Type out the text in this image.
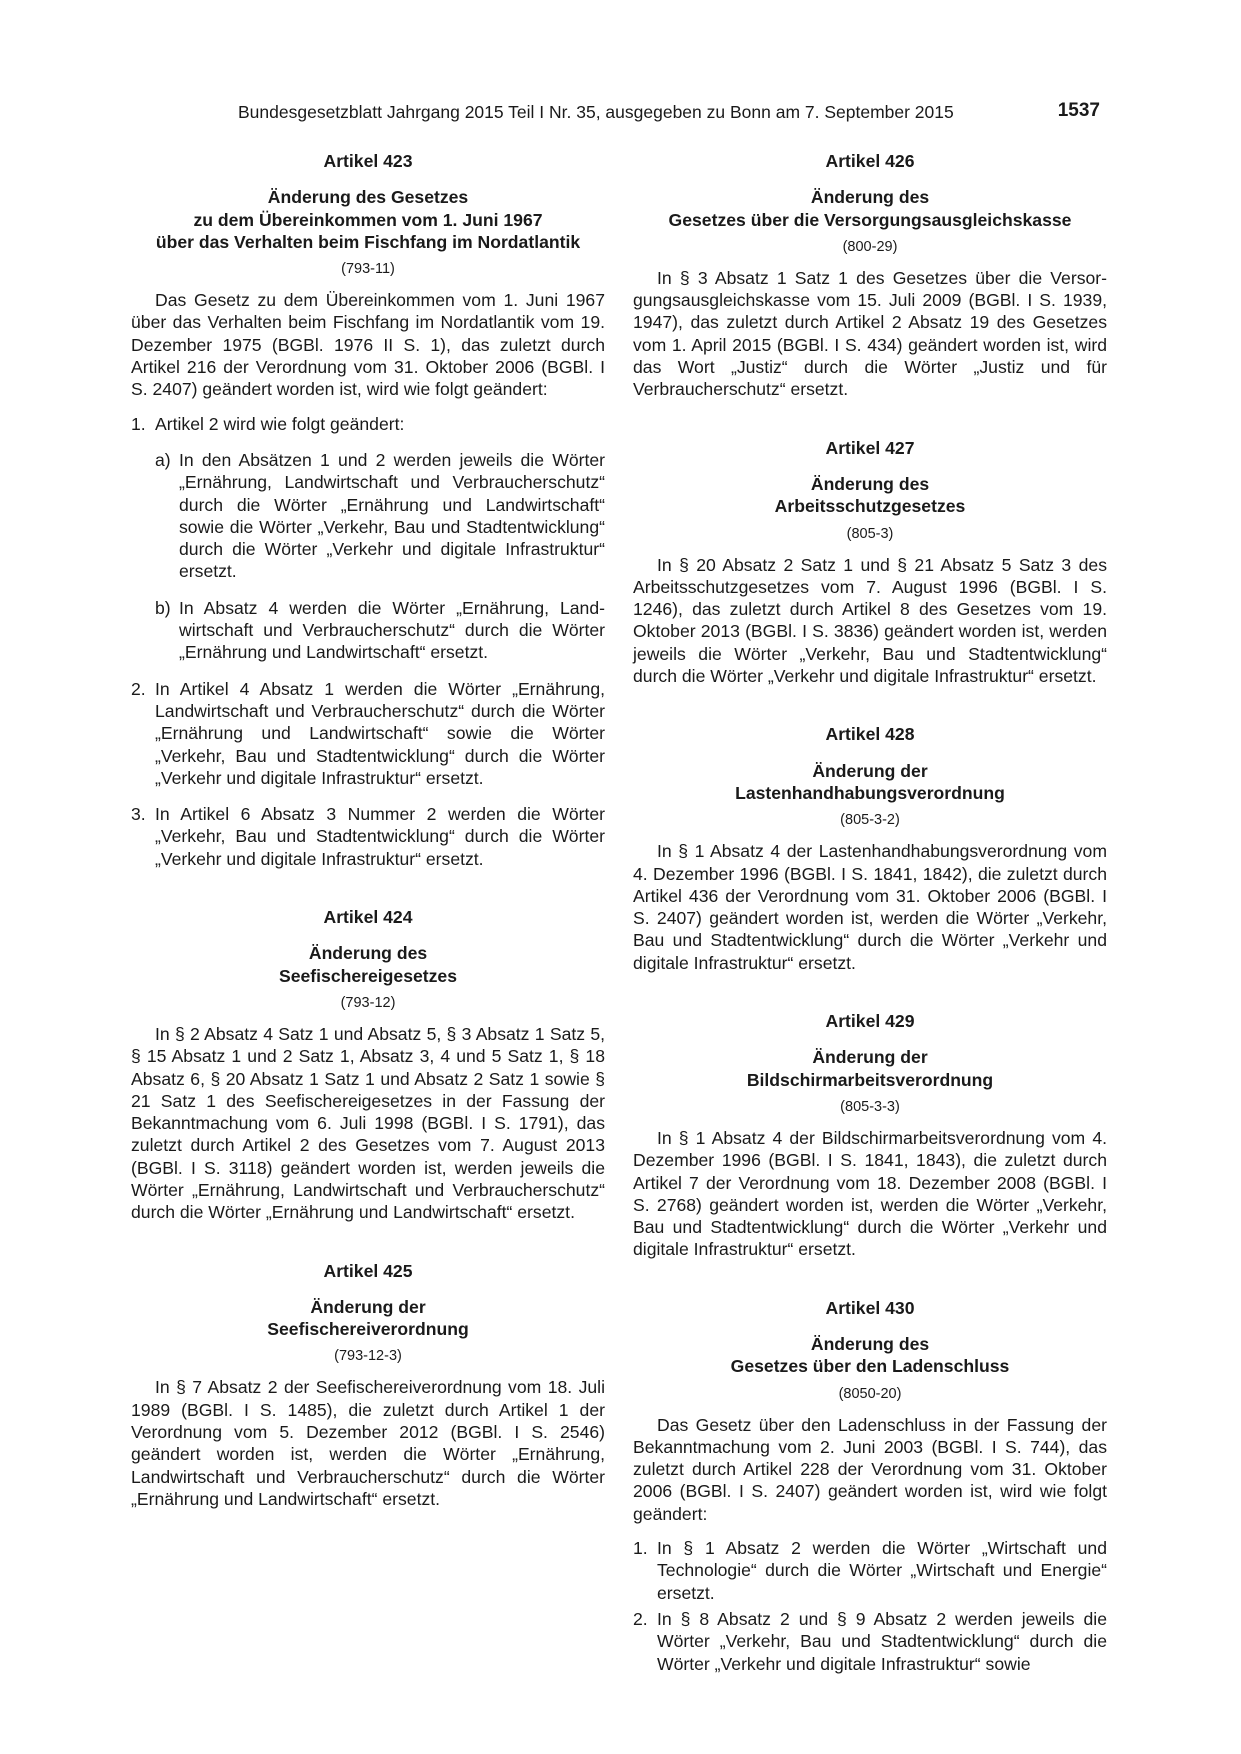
Bundesgesetzblatt Jahrgang 2015 Teil I Nr. 35, ausgegeben zu Bonn am 7. September 2015	1537
Artikel 423
Änderung des Gesetzes
zu dem Übereinkommen vom 1. Juni 1967
über das Verhalten beim Fischfang im Nordatlantik
(793-11)

Das Gesetz zu dem Übereinkommen vom 1. Juni 1967 über das Verhalten beim Fischfang im Nordatlantik vom 19. Dezember 1975 (BGBl. 1976 II S. 1), das zuletzt durch Artikel 216 der Verordnung vom 31. Oktober 2006 (BGBl. I S. 2407) geändert worden ist, wird wie folgt geändert:

1. Artikel 2 wird wie folgt geändert:
a) In den Absätzen 1 und 2 werden jeweils die Wörter „Ernährung, Landwirtschaft und Verbraucherschutz“ durch die Wörter „Ernährung und Landwirtschaft“ sowie die Wörter „Verkehr, Bau und Stadtentwicklung“ durch die Wörter „Verkehr und digitale Infrastruktur“ ersetzt.
b) In Absatz 4 werden die Wörter „Ernährung, Landwirtschaft und Verbraucherschutz“ durch die Wörter „Ernährung und Landwirtschaft“ ersetzt.
2. In Artikel 4 Absatz 1 werden die Wörter „Ernährung, Landwirtschaft und Verbraucherschutz“ durch die Wörter „Ernährung und Landwirtschaft“ sowie die Wörter „Verkehr, Bau und Stadtentwicklung“ durch die Wörter „Verkehr und digitale Infrastruktur“ ersetzt.
3. In Artikel 6 Absatz 3 Nummer 2 werden die Wörter „Verkehr, Bau und Stadtentwicklung“ durch die Wörter „Verkehr und digitale Infrastruktur“ ersetzt.
Artikel 424
Änderung des
Seefischereigesetzes
(793-12)

In § 2 Absatz 4 Satz 1 und Absatz 5, § 3 Absatz 1 Satz 5, § 15 Absatz 1 und 2 Satz 1, Absatz 3, 4 und 5 Satz 1, § 18 Absatz 6, § 20 Absatz 1 Satz 1 und Absatz 2 Satz 1 sowie § 21 Satz 1 des Seefischereigesetzes in der Fassung der Bekanntmachung vom 6. Juli 1998 (BGBl. I S. 1791), das zuletzt durch Artikel 2 des Gesetzes vom 7. August 2013 (BGBl. I S. 3118) geändert worden ist, werden jeweils die Wörter „Ernährung, Landwirtschaft und Verbraucherschutz“ durch die Wörter „Ernährung und Landwirtschaft“ ersetzt.

Artikel 425
Änderung der
Seefischereiverordnung
(793-12-3)

In § 7 Absatz 2 der Seefischereiverordnung vom 18. Juli 1989 (BGBl. I S. 1485), die zuletzt durch Artikel 1 der Verordnung vom 5. Dezember 2012 (BGBl. I S. 2546) geändert worden ist, werden die Wörter „Ernährung, Landwirtschaft und Verbraucherschutz“ durch die Wörter „Ernährung und Landwirtschaft“ ersetzt.

Artikel 426
Änderung des
Gesetzes über die Versorgungsausgleichskasse
(800-29)

In § 3 Absatz 1 Satz 1 des Gesetzes über die Versorgungsausgleichskasse vom 15. Juli 2009 (BGBl. I S. 1939, 1947), das zuletzt durch Artikel 2 Absatz 19 des Gesetzes vom 1. April 2015 (BGBl. I S. 434) geändert worden ist, wird das Wort „Justiz“ durch die Wörter „Justiz und für Verbraucherschutz“ ersetzt.

Artikel 427
Änderung des
Arbeitsschutzgesetzes
(805-3)

In § 20 Absatz 2 Satz 1 und § 21 Absatz 5 Satz 3 des Arbeitsschutzgesetzes vom 7. August 1996 (BGBl. I S. 1246), das zuletzt durch Artikel 8 des Gesetzes vom 19. Oktober 2013 (BGBl. I S. 3836) geändert worden ist, werden jeweils die Wörter „Verkehr, Bau und Stadtentwicklung“ durch die Wörter „Verkehr und digitale Infrastruktur“ ersetzt.

Artikel 428
Änderung der
Lastenhandhabungsverordnung
(805-3-2)

In § 1 Absatz 4 der Lastenhandhabungsverordnung vom 4. Dezember 1996 (BGBl. I S. 1841, 1842), die zuletzt durch Artikel 436 der Verordnung vom 31. Oktober 2006 (BGBl. I S. 2407) geändert worden ist, werden die Wörter „Verkehr, Bau und Stadtentwicklung“ durch die Wörter „Verkehr und digitale Infrastruktur“ ersetzt.

Artikel 429
Änderung der
Bildschirmarbeitsverordnung
(805-3-3)

In § 1 Absatz 4 der Bildschirmarbeitsverordnung vom 4. Dezember 1996 (BGBl. I S. 1841, 1843), die zuletzt durch Artikel 7 der Verordnung vom 18. Dezember 2008 (BGBl. I S. 2768) geändert worden ist, werden die Wörter „Verkehr, Bau und Stadtentwicklung“ durch die Wörter „Verkehr und digitale Infrastruktur“ ersetzt.

Artikel 430
Änderung des
Gesetzes über den Ladenschluss
(8050-20)

Das Gesetz über den Ladenschluss in der Fassung der Bekanntmachung vom 2. Juni 2003 (BGBl. I S. 744), das zuletzt durch Artikel 228 der Verordnung vom 31. Oktober 2006 (BGBl. I S. 2407) geändert worden ist, wird wie folgt geändert:

1. In § 1 Absatz 2 werden die Wörter „Wirtschaft und Technologie“ durch die Wörter „Wirtschaft und Energie“ ersetzt.
2. In § 8 Absatz 2 und § 9 Absatz 2 werden jeweils die Wörter „Verkehr, Bau und Stadtentwicklung“ durch die Wörter „Verkehr und digitale Infrastruktur“ sowie
